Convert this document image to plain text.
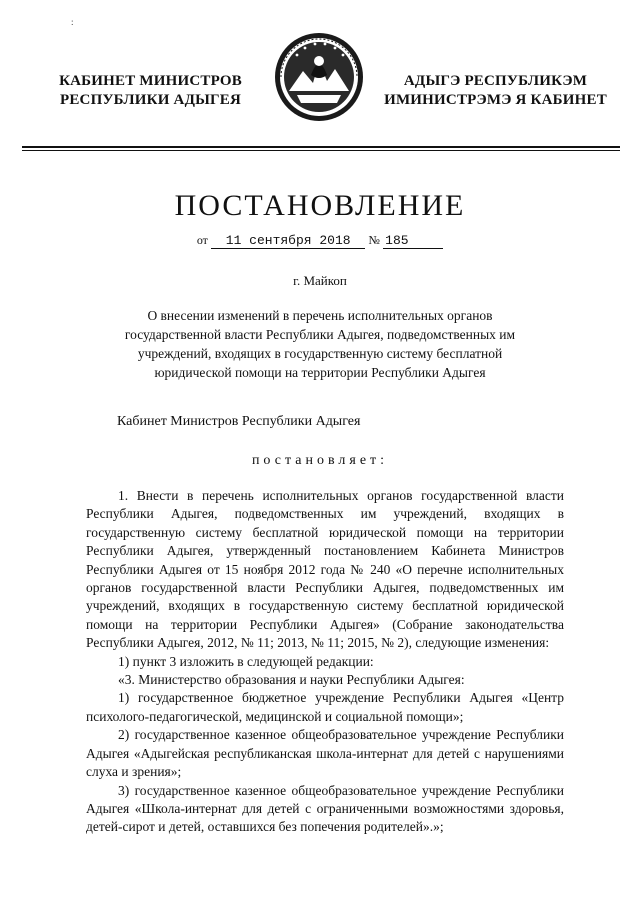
:
КАБИНЕТ МИНИСТРОВ
РЕСПУБЛИКИ АДЫГЕЯ
АДЫГЭ РЕСПУБЛИКЭМ
ИМИНИСТРЭМЭ Я КАБИНЕТ
ПОСТАНОВЛЕНИЕ
от 11 сентября 2018 № 185
г. Майкоп
О внесении изменений в перечень исполнительных органов государственной власти Республики Адыгея, подведомственных им учреждений, входящих в государственную систему бесплатной юридической помощи на территории Республики Адыгея
Кабинет Министров Республики Адыгея
постановляет:

1. Внести в перечень исполнительных органов государственной власти Республики Адыгея, подведомственных им учреждений, входящих в государственную систему бесплатной юридической помощи на территории Республики Адыгея, утвержденный постановлением Кабинета Министров Республики Адыгея от 15 ноября 2012 года № 240 «О перечне исполнительных органов государственной власти Республики Адыгея, подведомственных им учреждений, входящих в государственную систему бесплатной юридической помощи на территории Республики Адыгея» (Собрание законодательства Республики Адыгея, 2012, № 11; 2013, № 11; 2015, № 2), следующие изменения:

1) пункт 3 изложить в следующей редакции:

«3. Министерство образования и науки Республики Адыгея:

1) государственное бюджетное учреждение Республики Адыгея «Центр психолого-педагогической, медицинской и социальной помощи»;

2) государственное казенное общеобразовательное учреждение Республики Адыгея «Адыгейская республиканская школа-интернат для детей с нарушениями слуха и зрения»;

3) государственное казенное общеобразовательное учреждение Республики Адыгея «Школа-интернат для детей с ограниченными возможностями здоровья, детей-сирот и детей, оставшихся без попечения родителей».»;
